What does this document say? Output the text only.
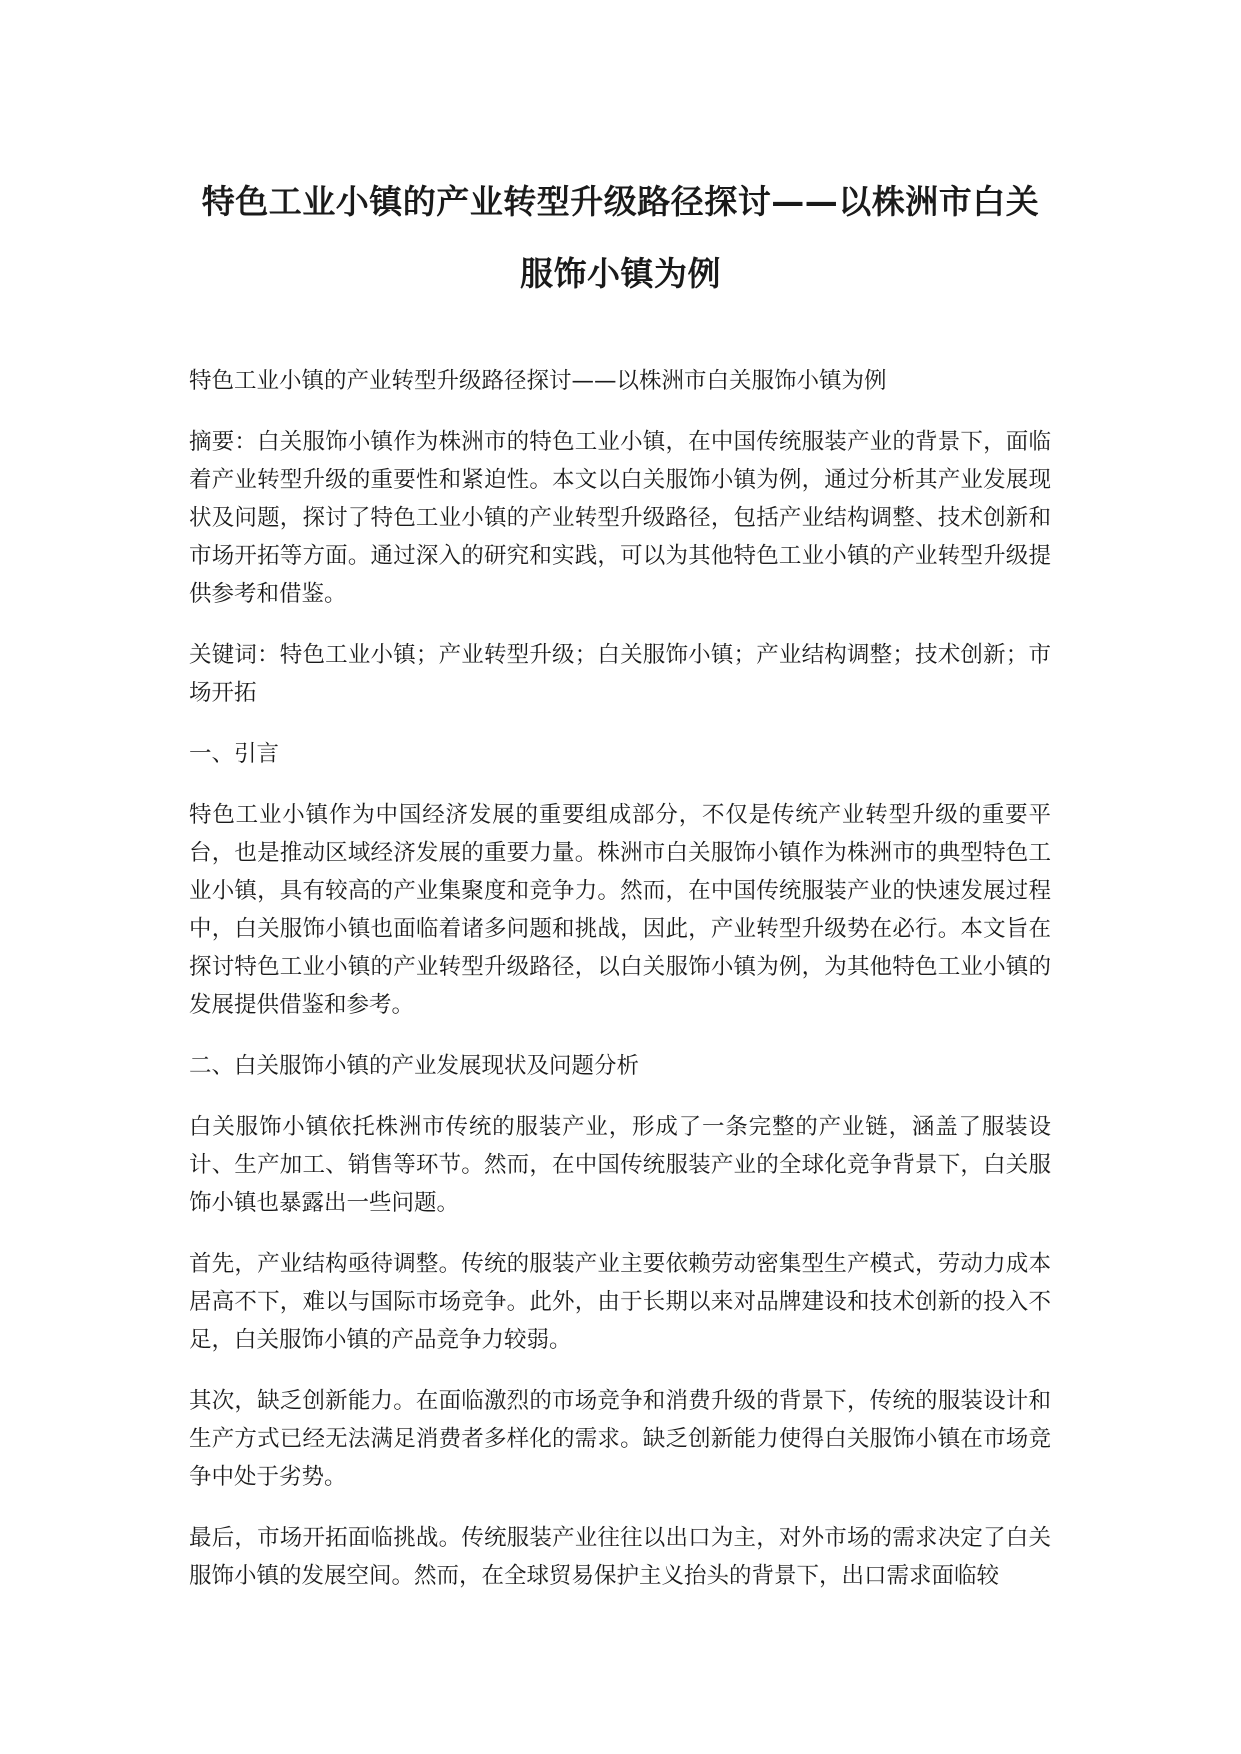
特色工业小镇的产业转型升级路径探讨——以株洲市白关
服饰小镇为例

特色工业小镇的产业转型升级路径探讨——以株洲市白关服饰小镇为例

摘要：白关服饰小镇作为株洲市的特色工业小镇，在中国传统服装产业的背景下，面临着产业转型升级的重要性和紧迫性。本文以白关服饰小镇为例，通过分析其产业发展现状及问题，探讨了特色工业小镇的产业转型升级路径，包括产业结构调整、技术创新和市场开拓等方面。通过深入的研究和实践，可以为其他特色工业小镇的产业转型升级提供参考和借鉴。

关键词：特色工业小镇；产业转型升级；白关服饰小镇；产业结构调整；技术创新；市场开拓

一、引言

特色工业小镇作为中国经济发展的重要组成部分，不仅是传统产业转型升级的重要平台，也是推动区域经济发展的重要力量。株洲市白关服饰小镇作为株洲市的典型特色工业小镇，具有较高的产业集聚度和竞争力。然而，在中国传统服装产业的快速发展过程中，白关服饰小镇也面临着诸多问题和挑战，因此，产业转型升级势在必行。本文旨在探讨特色工业小镇的产业转型升级路径，以白关服饰小镇为例，为其他特色工业小镇的发展提供借鉴和参考。

二、白关服饰小镇的产业发展现状及问题分析

白关服饰小镇依托株洲市传统的服装产业，形成了一条完整的产业链，涵盖了服装设计、生产加工、销售等环节。然而，在中国传统服装产业的全球化竞争背景下，白关服饰小镇也暴露出一些问题。

首先，产业结构亟待调整。传统的服装产业主要依赖劳动密集型生产模式，劳动力成本居高不下，难以与国际市场竞争。此外，由于长期以来对品牌建设和技术创新的投入不足，白关服饰小镇的产品竞争力较弱。

其次，缺乏创新能力。在面临激烈的市场竞争和消费升级的背景下，传统的服装设计和生产方式已经无法满足消费者多样化的需求。缺乏创新能力使得白关服饰小镇在市场竞争中处于劣势。

最后，市场开拓面临挑战。传统服装产业往往以出口为主，对外市场的需求决定了白关服饰小镇的发展空间。然而，在全球贸易保护主义抬头的背景下，出口需求面临较
